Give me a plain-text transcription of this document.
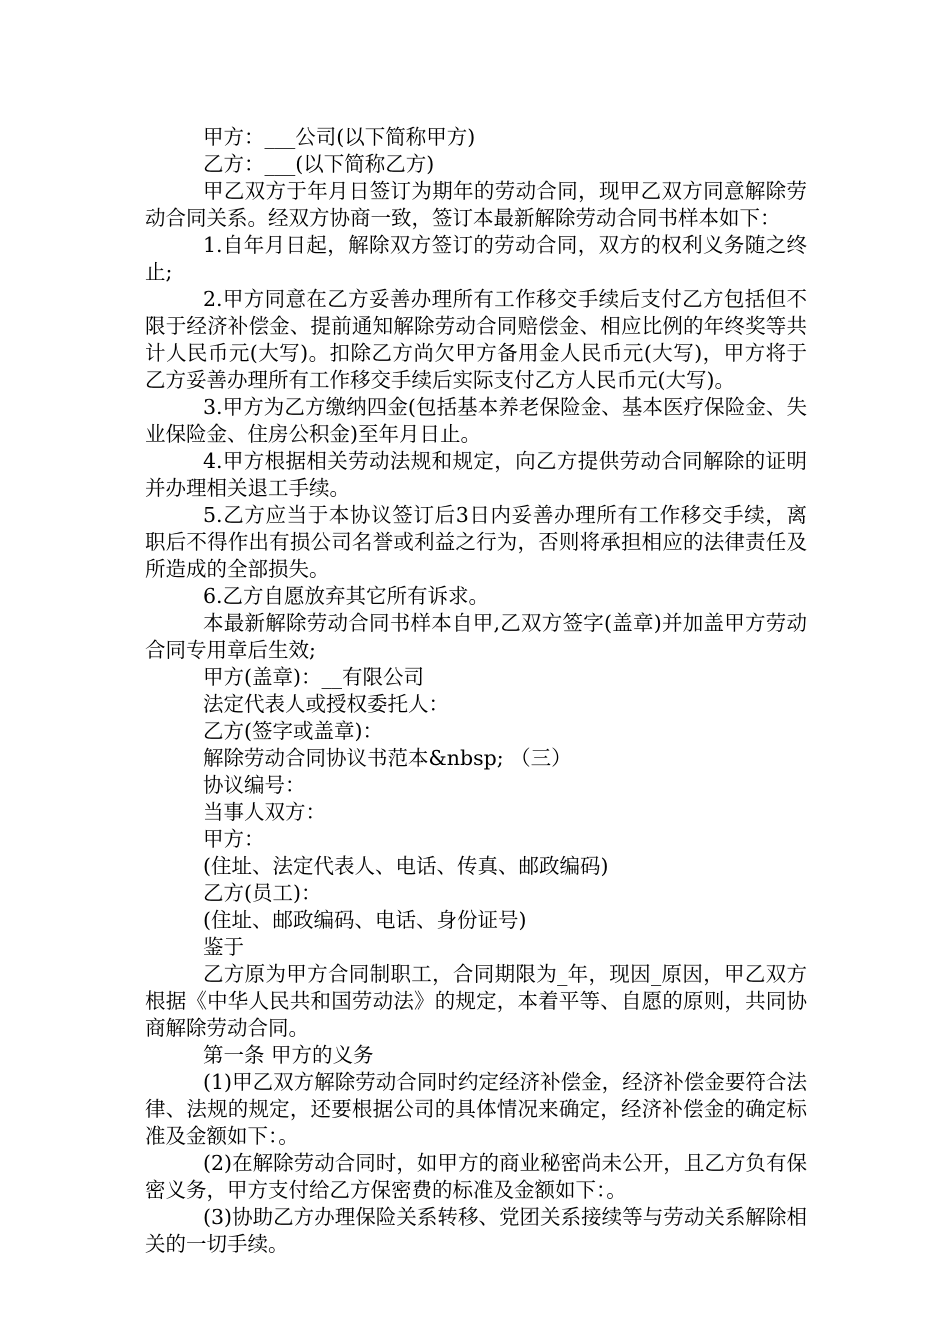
甲方：___公司(以下简称甲方)

乙方：___(以下简称乙方)

甲乙双方于年月日签订为期年的劳动合同，现甲乙双方同意解除劳动合同关系。经双方协商一致，签订本最新解除劳动合同书样本如下：

1.自年月日起，解除双方签订的劳动合同，双方的权利义务随之终止;

2.甲方同意在乙方妥善办理所有工作移交手续后支付乙方包括但不限于经济补偿金、提前通知解除劳动合同赔偿金、相应比例的年终奖等共计人民币元(大写)。扣除乙方尚欠甲方备用金人民币元(大写)，甲方将于乙方妥善办理所有工作移交手续后实际支付乙方人民币元(大写)。

3.甲方为乙方缴纳四金(包括基本养老保险金、基本医疗保险金、失业保险金、住房公积金)至年月日止。

4.甲方根据相关劳动法规和规定，向乙方提供劳动合同解除的证明并办理相关退工手续。

5.乙方应当于本协议签订后3日内妥善办理所有工作移交手续，离职后不得作出有损公司名誉或利益之行为，否则将承担相应的法律责任及所造成的全部损失。

6.乙方自愿放弃其它所有诉求。

本最新解除劳动合同书样本自甲,乙双方签字(盖章)并加盖甲方劳动合同专用章后生效;

甲方(盖章)：__有限公司

法定代表人或授权委托人：

乙方(签字或盖章)：

解除劳动合同协议书范本&nbsp; （三）

协议编号：

当事人双方：

甲方：

(住址、法定代表人、电话、传真、邮政编码)

乙方(员工)：

(住址、邮政编码、电话、身份证号)

鉴于

乙方原为甲方合同制职工，合同期限为_年，现因_原因，甲乙双方根据《中华人民共和国劳动法》的规定，本着平等、自愿的原则，共同协商解除劳动合同。

第一条 甲方的义务

(1)甲乙双方解除劳动合同时约定经济补偿金，经济补偿金要符合法律、法规的规定，还要根据公司的具体情况来确定，经济补偿金的确定标准及金额如下：。

(2)在解除劳动合同时，如甲方的商业秘密尚未公开，且乙方负有保密义务，甲方支付给乙方保密费的标准及金额如下：。

(3)协助乙方办理保险关系转移、党团关系接续等与劳动关系解除相关的一切手续。
